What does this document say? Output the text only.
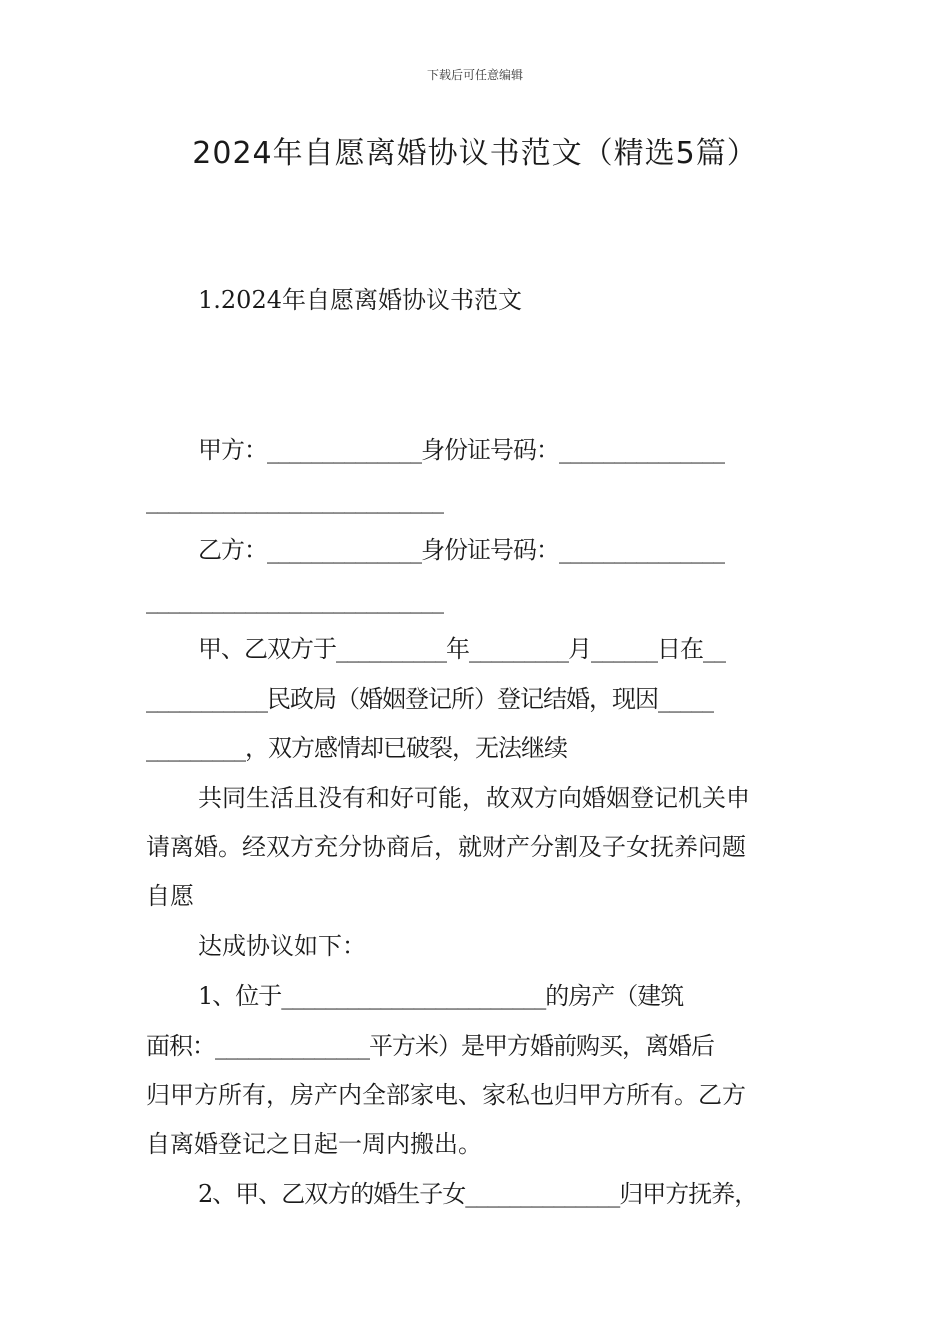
下载后可任意编辑
2024年自愿离婚协议书范文（精选5篇）
1.2024年自愿离婚协议书范文
甲方：______________身份证号码：_______________
___________________________
乙方：______________身份证号码：_______________
___________________________
甲、乙双方于__________年_________月______日在__
___________民政局（婚姻登记所）登记结婚，现因_____
_________，双方感情却已破裂，无法继续
共同生活且没有和好可能，故双方向婚姻登记机关申
请离婚。经双方充分协商后，就财产分割及子女抚养问题
自愿
达成协议如下：
1、位于________________________的房产（建筑
面积：______________平方米）是甲方婚前购买，离婚后
归甲方所有，房产内全部家电、家私也归甲方所有。乙方
自离婚登记之日起一周内搬出。
2、甲、乙双方的婚生子女______________归甲方抚养，
